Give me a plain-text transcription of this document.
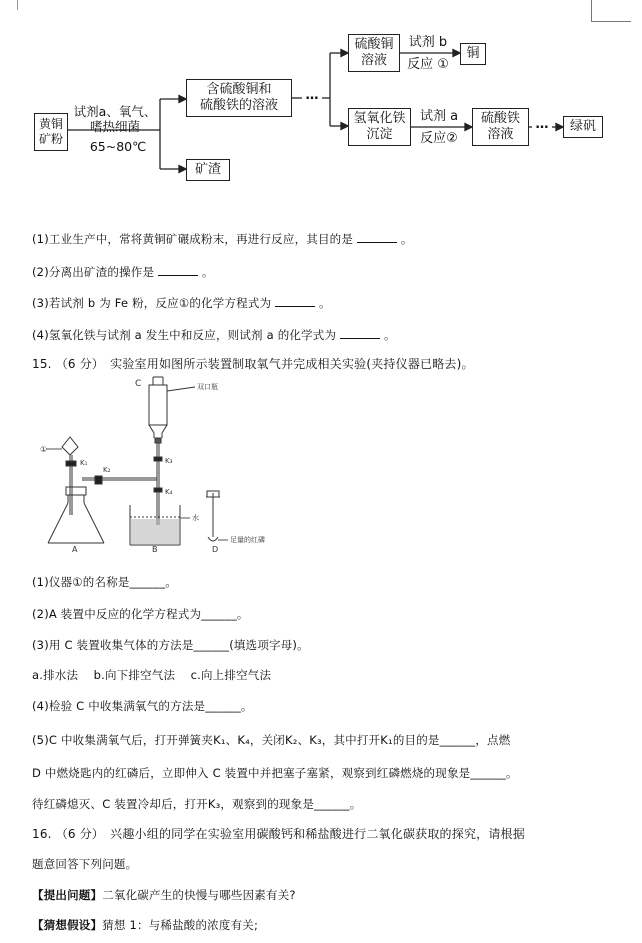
黄铜
矿粉
试剂a、氧气、
嗜热细菌
65~80℃
含硫酸铜和
硫酸铁的溶液
…
硫酸铜
溶液
试剂 b
反应 ①
铜
氢氧化铁
沉淀
试剂 a
反应②
硫酸铁
溶液
…	绿矾
矿渣
(1)工业生产中，常将黄铜矿碾成粉末，再进行反应，其目的是	。
(2)分离出矿渣的操作是	。
(3)若试剂 b 为 Fe 粉，反应①的化学方程式为	。
(4)氢氧化铁与试剂 a 发生中和反应，则试剂 a 的化学式为	。
15. （6 分） 实验室用如图所示装置制取氧气并完成相关实验(夹持仪器已略去)。
C	双口瓶
①
K₁
K₂
K₃
K₄
水
足量的红磷
A	B	D
(1)仪器①的名称是______。
(2)A 装置中反应的化学方程式为______。
(3)用 C 装置收集气体的方法是______(填选项字母)。
a.排水法    b.向下排空气法    c.向上排空气法
(4)检验 C 中收集满氧气的方法是______。
(5)C 中收集满氧气后，打开弹簧夹K₁、K₄，关闭K₂、K₃，其中打开K₁的目的是______，点燃
D 中燃烧匙内的红磷后，立即伸入 C 装置中并把塞子塞紧，观察到红磷燃烧的现象是______。
待红磷熄灭、C 装置冷却后，打开K₃，观察到的现象是______。
16. （6 分） 兴趣小组的同学在实验室用碳酸钙和稀盐酸进行二氧化碳获取的探究，请根据
题意回答下列问题。
【提出问题】二氧化碳产生的快慢与哪些因素有关?
【猜想假设】猜想 1：与稀盐酸的浓度有关;
